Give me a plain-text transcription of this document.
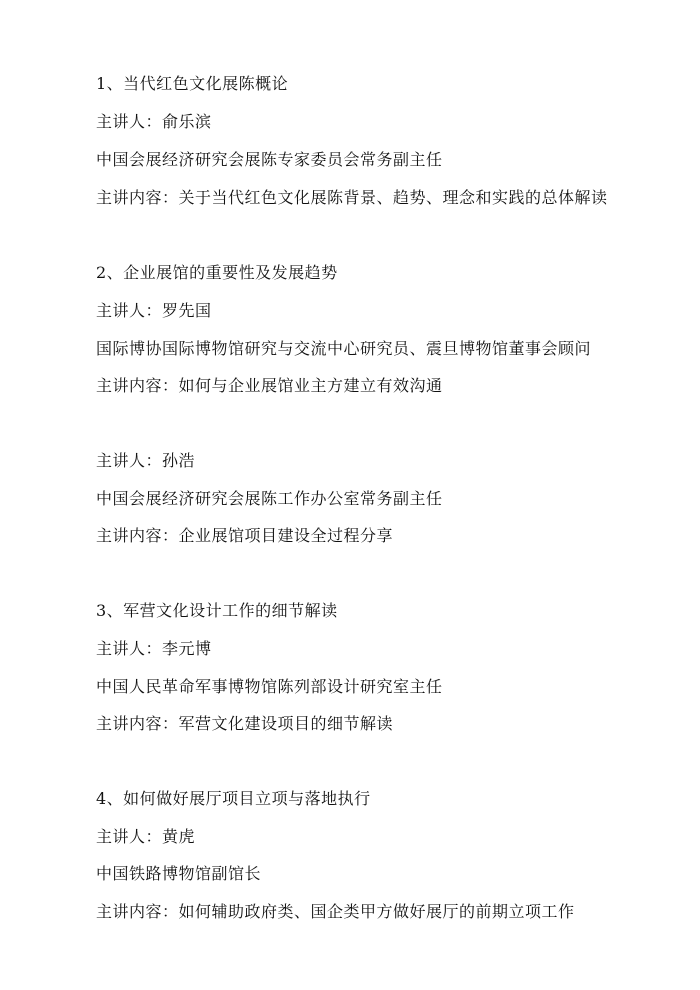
1、当代红色文化展陈概论
主讲人：俞乐滨
中国会展经济研究会展陈专家委员会常务副主任
主讲内容：关于当代红色文化展陈背景、趋势、理念和实践的总体解读
2、企业展馆的重要性及发展趋势
主讲人：罗先国
国际博协国际博物馆研究与交流中心研究员、震旦博物馆董事会顾问
主讲内容：如何与企业展馆业主方建立有效沟通
主讲人：孙浩
中国会展经济研究会展陈工作办公室常务副主任
主讲内容：企业展馆项目建设全过程分享
3、军营文化设计工作的细节解读
主讲人：李元博
中国人民革命军事博物馆陈列部设计研究室主任
主讲内容：军营文化建设项目的细节解读
4、如何做好展厅项目立项与落地执行
主讲人：黄虎
中国铁路博物馆副馆长
主讲内容：如何辅助政府类、国企类甲方做好展厅的前期立项工作
